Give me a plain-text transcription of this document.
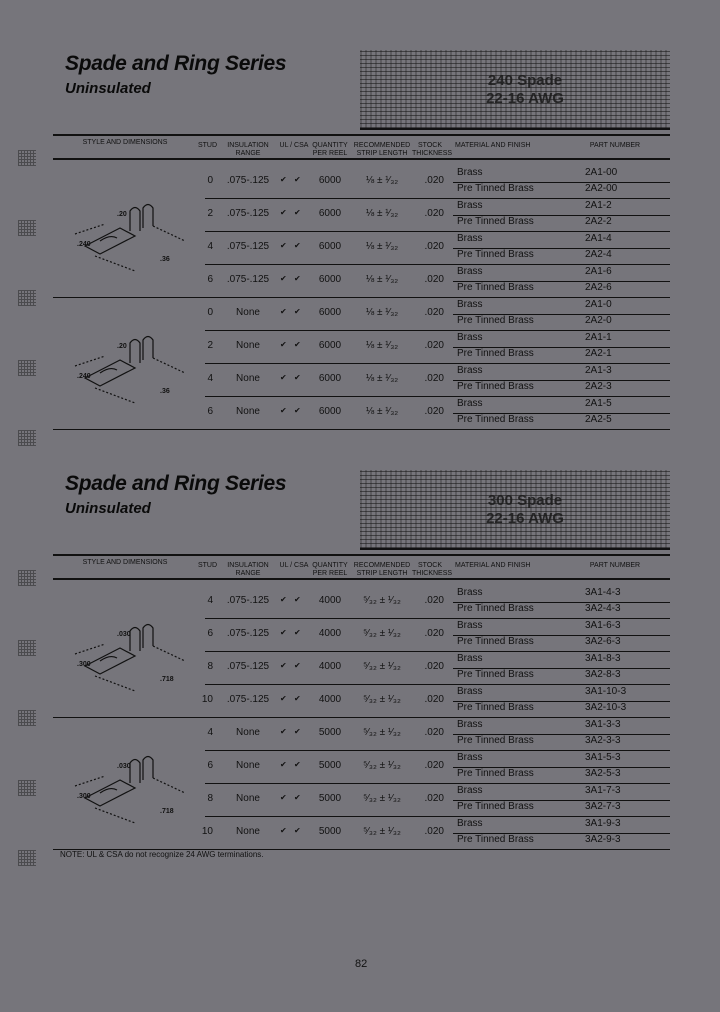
Spade and Ring Series
Uninsulated	240 Spade
22-16 AWG
STYLE AND DIMENSIONS	STUD	INSULATION RANGE
UL / CSA QUANTITY PER REEL
RECOMMENDED STRIP LENGTH
STOCK THICKNESS
MATERIAL AND FINISH	PART NUMBER
0	.075-.125	✔ ✔	6000	⅛ ± ¹⁄₃₂	.020
Brass	2A1-00
Pre Tinned Brass	2A2-00
2	.075-.125	✔ ✔	6000	⅛ ± ¹⁄₃₂	.020
Brass	2A1-2
Pre Tinned Brass	2A2-2
4	.075-.125	✔ ✔	6000	⅛ ± ¹⁄₃₂	.020
Brass	2A1-4
Pre Tinned Brass	2A2-4
6	.075-.125	✔ ✔	6000	⅛ ± ¹⁄₃₂	.020
Brass	2A1-6
Pre Tinned Brass	2A2-6
0	None	✔ ✔	6000	⅛ ± ¹⁄₃₂	.020
Brass	2A1-0
Pre Tinned Brass	2A2-0
2	None	✔ ✔	6000	⅛ ± ¹⁄₃₂	.020
Brass	2A1-1
Pre Tinned Brass	2A2-1
4	None	✔ ✔	6000	⅛ ± ¹⁄₃₂	.020
Brass	2A1-3
Pre Tinned Brass	2A2-3
6	None	✔ ✔	6000	⅛ ± ¹⁄₃₂	.020
Brass	2A1-5
Pre Tinned Brass	2A2-5
.240
.20
.36
.240
.20
.36
Spade and Ring Series
Uninsulated	300 Spade
22-16 AWG
STYLE AND DIMENSIONS	STUD	INSULATION RANGE
UL / CSA QUANTITY PER REEL
RECOMMENDED STRIP LENGTH
STOCK THICKNESS
MATERIAL AND FINISH	PART NUMBER
4	.075-.125	✔ ✔	4000	⁵⁄₃₂ ± ¹⁄₃₂	.020
Brass	3A1-4-3
Pre Tinned Brass	3A2-4-3
6	.075-.125	✔ ✔	4000	⁵⁄₃₂ ± ¹⁄₃₂	.020
Brass	3A1-6-3
Pre Tinned Brass	3A2-6-3
8	.075-.125	✔ ✔	4000	⁵⁄₃₂ ± ¹⁄₃₂	.020
Brass	3A1-8-3
Pre Tinned Brass	3A2-8-3
10	.075-.125	✔ ✔	4000	⁵⁄₃₂ ± ¹⁄₃₂	.020
Brass	3A1-10-3
Pre Tinned Brass	3A2-10-3
4	None	✔ ✔	5000	⁵⁄₃₂ ± ¹⁄₃₂	.020
Brass	3A1-3-3
Pre Tinned Brass	3A2-3-3
6	None	✔ ✔	5000	⁵⁄₃₂ ± ¹⁄₃₂	.020
Brass	3A1-5-3
Pre Tinned Brass	3A2-5-3
8	None	✔ ✔	5000	⁵⁄₃₂ ± ¹⁄₃₂	.020
Brass	3A1-7-3
Pre Tinned Brass	3A2-7-3
10	None	✔ ✔	5000	⁵⁄₃₂ ± ¹⁄₃₂	.020
Brass	3A1-9-3
Pre Tinned Brass	3A2-9-3
.300
.030
.718
.300
.030
.718
82
NOTE: UL & CSA do not recognize 24 AWG terminations.
